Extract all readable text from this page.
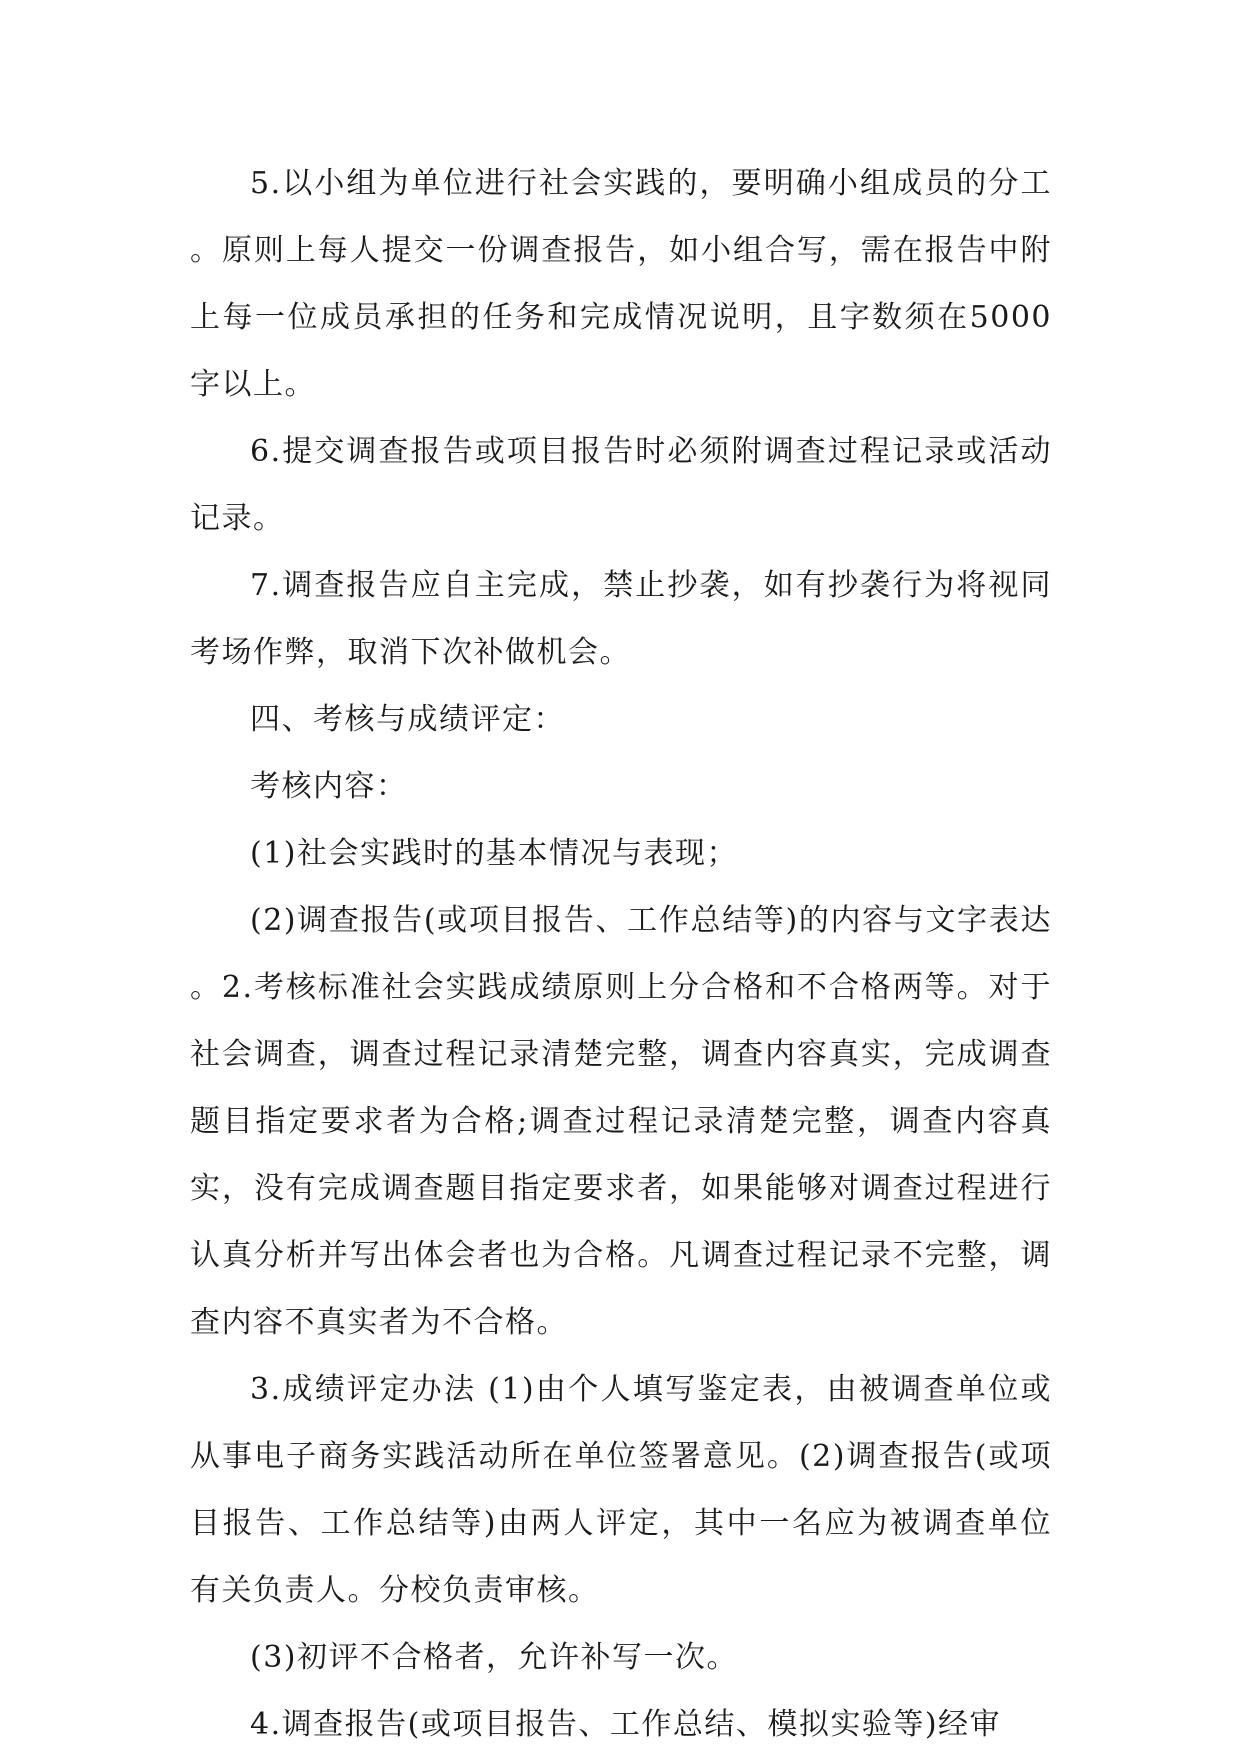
5.以小组为单位进行社会实践的，要明确小组成员的分工。原则上每人提交一份调查报告，如小组合写，需在报告中附上每一位成员承担的任务和完成情况说明，且字数须在5000 字以上。

6.提交调查报告或项目报告时必须附调查过程记录或活动记录。

7.调查报告应自主完成，禁止抄袭，如有抄袭行为将视同考场作弊，取消下次补做机会。

四、考核与成绩评定：

考核内容：

(1)社会实践时的基本情况与表现；

(2)调查报告(或项目报告、工作总结等)的内容与文字表达。2.考核标准社会实践成绩原则上分合格和不合格两等。对于社会调查，调查过程记录清楚完整，调查内容真实，完成调查题目指定要求者为合格;调查过程记录清楚完整，调查内容真实，没有完成调查题目指定要求者，如果能够对调查过程进行认真分析并写出体会者也为合格。凡调查过程记录不完整，调查内容不真实者为不合格。

3.成绩评定办法 (1)由个人填写鉴定表，由被调查单位或从事电子商务实践活动所在单位签署意见。(2)调查报告(或项目报告、工作总结等)由两人评定，其中一名应为被调查单位有关负责人。分校负责审核。

(3)初评不合格者，允许补写一次。

4.调查报告(或项目报告、工作总结、模拟实验等)经审
